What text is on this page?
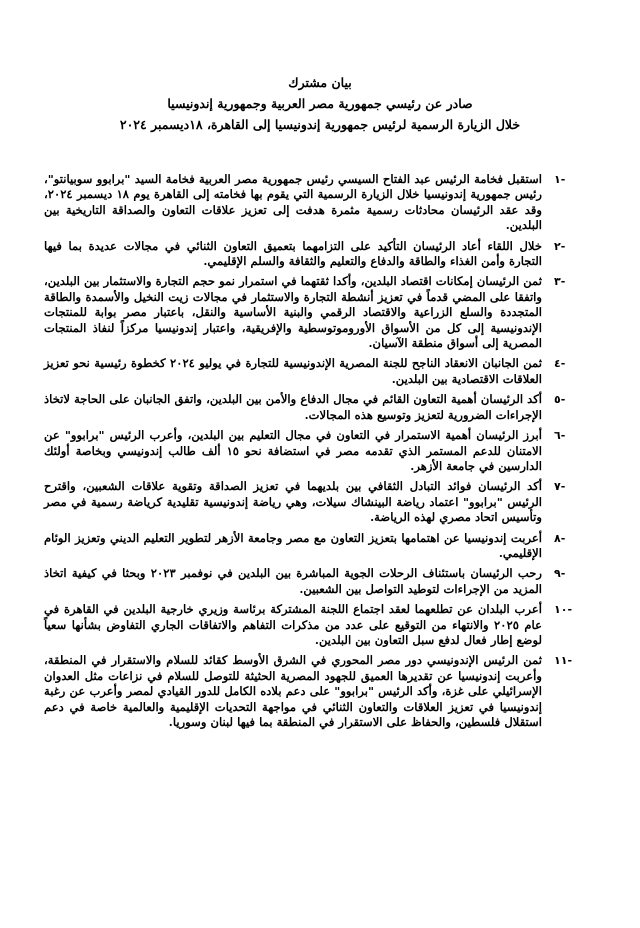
بيان مشترك
صادر عن رئيسي جمهورية مصر العربية وجمهورية إندونيسيا
خلال الزيارة الرسمية لرئيس جمهورية إندونيسيا إلى القاهرة، ١٨ديسمبر ٢٠٢٤
١-
استقبل فخامة الرئيس عبد الفتاح السيسي رئيس جمهورية مصر العربية فخامة السيد "برابوو سوبيانتو"، رئيس جمهورية إندونيسيا خلال الزيارة الرسمية التي يقوم بها فخامته إلى القاهرة يوم ١٨ ديسمبر ٢٠٢٤، وقد عقد الرئيسان محادثات رسمية مثمرة هدفت إلى تعزيز علاقات التعاون والصداقة التاريخية بين البلدين.
٢-
خلال اللقاء أعاد الرئيسان التأكيد على التزامهما بتعميق التعاون الثنائي في مجالات عديدة بما فيها التجارة وأمن الغذاء والطاقة والدفاع والتعليم والثقافة والسلم الإقليمي.
٣-
ثمن الرئيسان إمكانات اقتصاد البلدين، وأكدا ثقتهما في استمرار نمو حجم التجارة والاستثمار بين البلدين، واتفقا على المضي قدماً في تعزيز أنشطة التجارة والاستثمار في مجالات زيت النخيل والأسمدة والطاقة المتجددة والسلع الزراعية والاقتصاد الرقمي والبنية الأساسية والنقل، باعتبار مصر بوابة للمنتجات الإندونيسية إلى كل من الأسواق الأوروموتوسطية والإفريقية، واعتبار إندونيسيا مركزاً لنفاذ المنتجات المصرية إلى أسواق منطقة الآسيان.
٤-
ثمن الجانبان الانعقاد الناجح للجنة المصرية الإندونيسية للتجارة في يوليو ٢٠٢٤ كخطوة رئيسية نحو تعزيز العلاقات الاقتصادية بين البلدين.
٥-
أكد الرئيسان أهمية التعاون القائم في مجال الدفاع والأمن بين البلدين، واتفق الجانبان على الحاجة لاتخاذ الإجراءات الضرورية لتعزيز وتوسيع هذه المجالات.
٦-
أبرز الرئيسان أهمية الاستمرار في التعاون في مجال التعليم بين البلدين، وأعرب الرئيس "برابوو" عن الامتنان للدعم المستمر الذي تقدمه مصر في استضافة نحو ١٥ ألف طالب إندونيسي وبخاصة أولئك الدارسين في جامعة الأزهر.
٧-
أكد الرئيسان فوائد التبادل الثقافي بين بلديهما في تعزيز الصداقة وتقوية علاقات الشعبين، واقترح الرئيس "برابوو" اعتماد رياضة البينشاك سيلات، وهي رياضة إندونيسية تقليدية كرياضة رسمية في مصر وتأسيس اتحاد مصري لهذه الرياضة.
٨-
أعربت إندونيسيا عن اهتمامها بتعزيز التعاون مع مصر وجامعة الأزهر لتطوير التعليم الديني وتعزيز الوئام الإقليمي.
٩-
رحب الرئيسان باستئناف الرحلات الجوية المباشرة بين البلدين في نوفمبر ٢٠٢٣ وبحثا في كيفية اتخاذ المزيد من الإجراءات لتوطيد التواصل بين الشعبين.
١٠-
أعرب البلدان عن تطلعهما لعقد اجتماع اللجنة المشتركة برئاسة وزيري خارجية البلدين في القاهرة في عام ٢٠٢٥ والانتهاء من التوقيع على عدد من مذكرات التفاهم والاتفاقات الجاري التفاوض بشأنها سعياً لوضع إطار فعال لدفع سبل التعاون بين البلدين.
١١-
ثمن الرئيس الإندونيسي دور مصر المحوري في الشرق الأوسط كقائد للسلام والاستقرار في المنطقة، وأعربت إندونيسيا عن تقديرها العميق للجهود المصرية الحثيثة للتوصل للسلام في نزاعات مثل العدوان الإسرائيلي على غزة، وأكد الرئيس "برابوو" على دعم بلاده الكامل للدور القيادي لمصر وأعرب عن رغبة إندونيسيا في تعزيز العلاقات والتعاون الثنائي في مواجهة التحديات الإقليمية والعالمية خاصة في دعم استقلال فلسطين، والحفاظ على الاستقرار في المنطقة بما فيها لبنان وسوريا.
